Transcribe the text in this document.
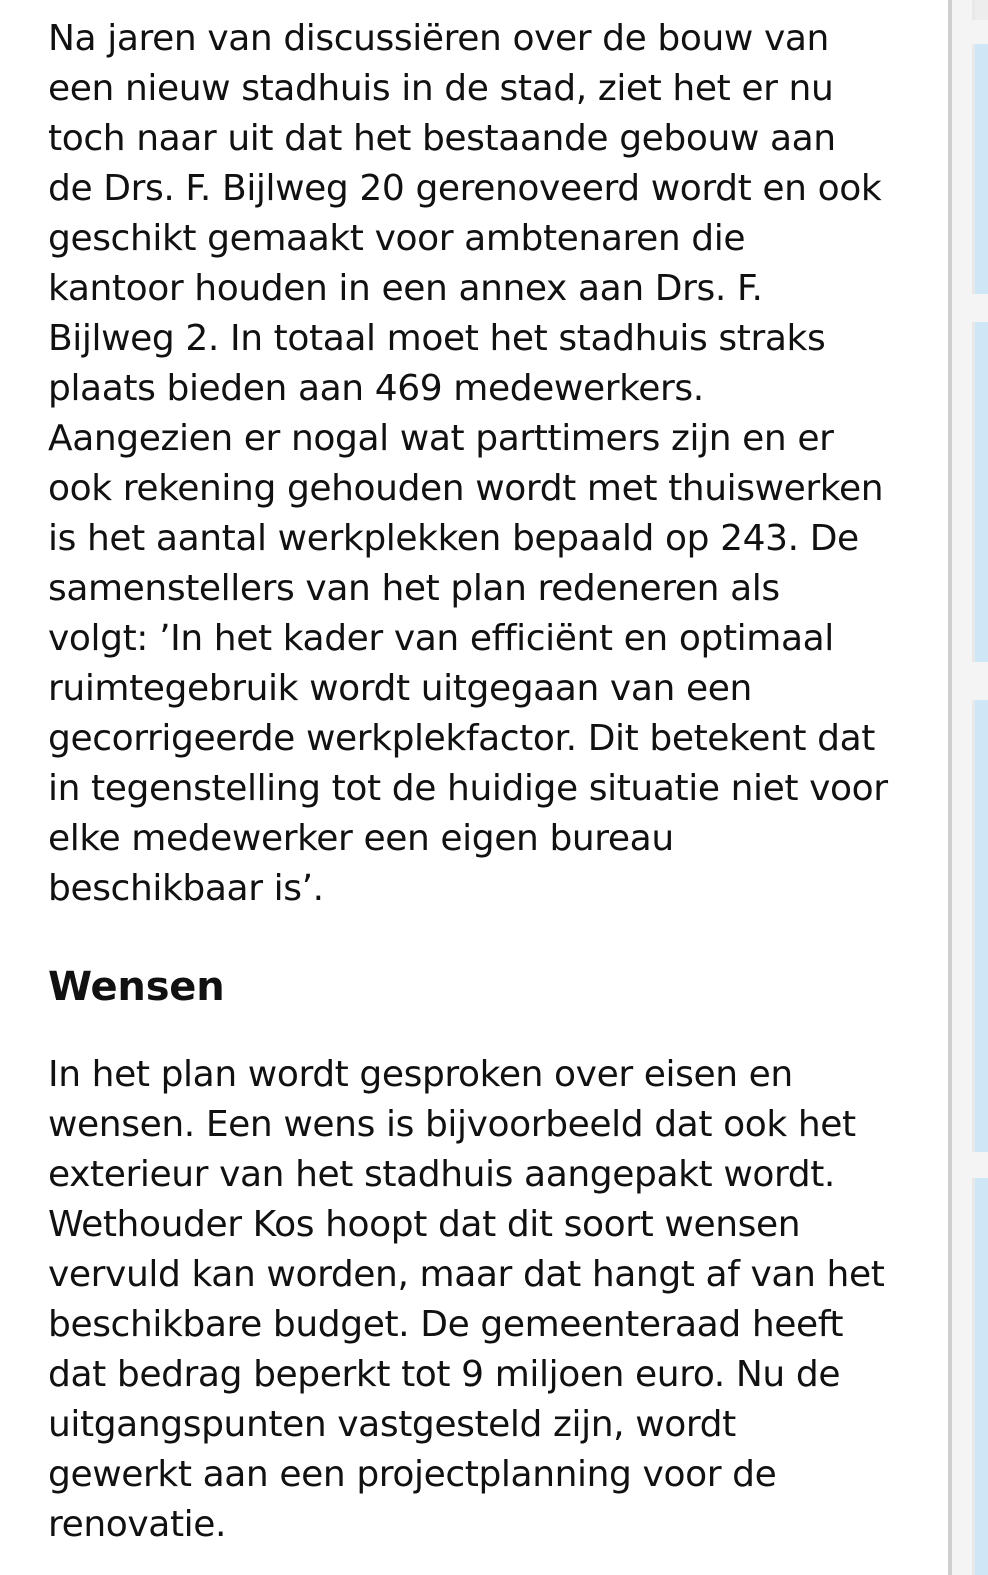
Na jaren van discussiëren over de bouw van
een nieuw stadhuis in de stad, ziet het er nu
toch naar uit dat het bestaande gebouw aan
de Drs. F. Bijlweg 20 gerenoveerd wordt en ook
geschikt gemaakt voor ambtenaren die
kantoor houden in een annex aan Drs. F.
Bijlweg 2. In totaal moet het stadhuis straks
plaats bieden aan 469 medewerkers.
Aangezien er nogal wat parttimers zijn en er
ook rekening gehouden wordt met thuiswerken
is het aantal werkplekken bepaald op 243. De
samenstellers van het plan redeneren als
volgt: ’In het kader van efficiënt en optimaal
ruimtegebruik wordt uitgegaan van een
gecorrigeerde werkplekfactor. Dit betekent dat
in tegenstelling tot de huidige situatie niet voor
elke medewerker een eigen bureau
beschikbaar is’.

Wensen

In het plan wordt gesproken over eisen en
wensen. Een wens is bijvoorbeeld dat ook het
exterieur van het stadhuis aangepakt wordt.
Wethouder Kos hoopt dat dit soort wensen
vervuld kan worden, maar dat hangt af van het
beschikbare budget. De gemeenteraad heeft
dat bedrag beperkt tot 9 miljoen euro. Nu de
uitgangspunten vastgesteld zijn, wordt
gewerkt aan een projectplanning voor de
renovatie.
